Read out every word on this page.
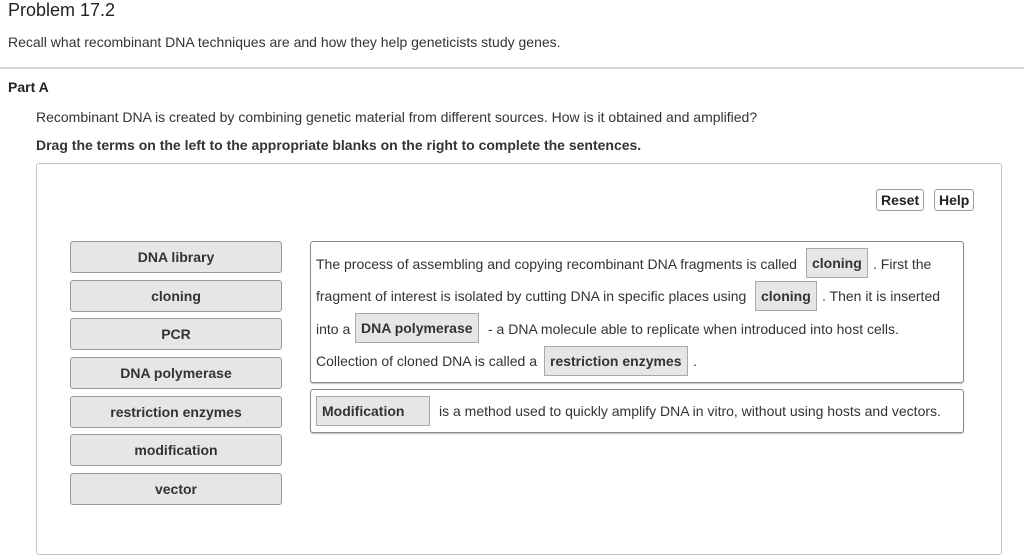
Problem 17.2
Recall what recombinant DNA techniques are and how they help geneticists study genes.
Part A
Recombinant DNA is created by combining genetic material from different sources. How is it obtained and amplified?
Drag the terms on the left to the appropriate blanks on the right to complete the sentences.
Reset	Help
DNA library
cloning
PCR
DNA polymerase
restriction enzymes
modification
vector
The process of assembling and copying recombinant DNA fragments is called	cloning . First the
fragment of interest is isolated by cutting DNA in specific places using	cloning . Then it is inserted
into a DNA polymerase	- a DNA molecule able to replicate when introduced into host cells.
Collection of cloned DNA is called a restriction enzymes .
Modification	is a method used to quickly amplify DNA in vitro, without using hosts and vectors.
